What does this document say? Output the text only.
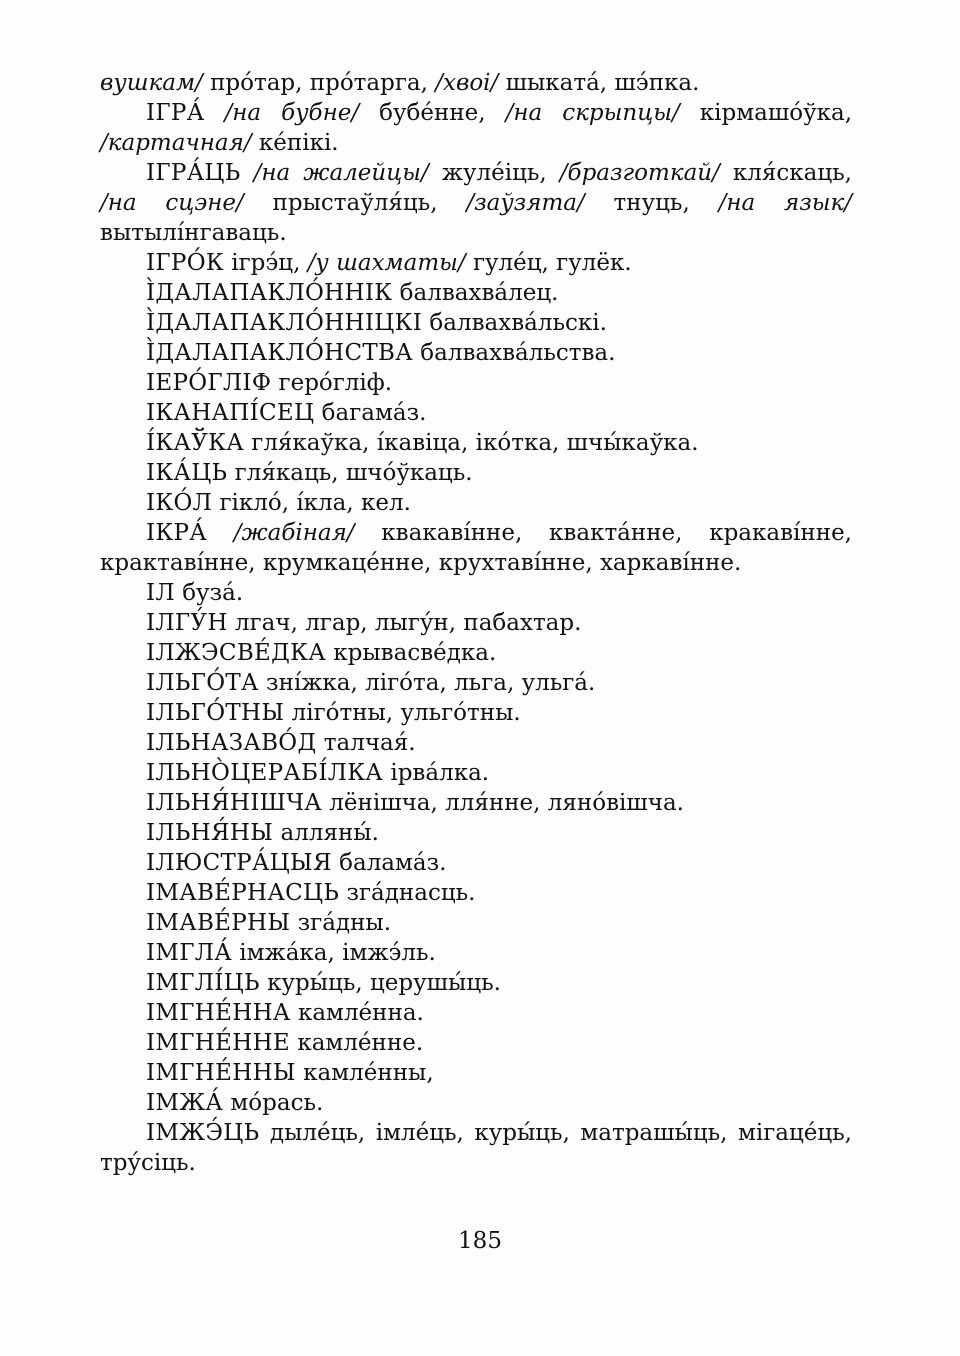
вушкам/ про́тар, про́тарга, /хвоі/ шыката́, шэ́пка.
ІГРА́ /на бубне/ бубе́нне, /на скрыпцы/ кірмашо́ўка,
/картачная/ ке́пікі.
ІГРА́ЦЬ /на жалейцы/ жуле́іць, /бразготкай/ кля́скаць,
/на сцэне/ прыстаўля́ць, /заўзята/ тнуць, /на язык/
вытылі́нгаваць.
ІГРО́К ігрэ́ц, /у шахматы/ гуле́ц, гулёк.
І̀ДАЛАПАКЛО́ННІК балвахва́лец.
І̀ДАЛАПАКЛО́ННІЦКІ балвахва́льскі.
І̀ДАЛАПАКЛО́НСТВА балвахва́льства.
ІЕРО́ГЛІФ геро́гліф.
ІКАНАПІ́СЕЦ багама́з.
І́КАЎКА гля́каўка, і́кавіца, іко́тка, шчы́каўка.
ІКА́ЦЬ гля́каць, шчо́ўкаць.
ІКО́Л гікло́, і́кла, кел.
ІКРА́ /жабіная/ квакаві́нне, квакта́нне, кракаві́нне,
крактаві́нне, крумкаце́нне, крухтаві́нне, харкаві́нне.
ІЛ буза́.
ІЛГУ́Н лгач, лгар, лыгу́н, пабахтар.
ІЛЖЭСВЕ́ДКА крывасве́дка.
ІЛЬГО́ТА зні́жка, ліго́та, льга, ульга́.
ІЛЬГО́ТНЫ ліго́тны, ульго́тны.
ІЛЬНАЗАВО́Д талчая́.
ІЛЬНО̀ЦЕРАБІ́ЛКА ірва́лка.
ІЛЬНЯ́НІШЧА лёнішча, лля́нне, ляно́вішча.
ІЛЬНЯ́НЫ алляны́.
ІЛЮСТРА́ЦЫЯ балама́з.
ІМАВЕ́РНАСЦЬ зга́днасць.
ІМАВЕ́РНЫ зга́дны.
ІМГЛА́ імжа́ка, імжэ́ль.
ІМГЛІ́ЦЬ куры́ць, церушы́ць.
ІМГНЕ́ННА камле́нна.
ІМГНЕ́ННЕ камле́нне.
ІМГНЕ́ННЫ камле́нны,
ІМЖА́ мо́рась.
ІМЖЭ́ЦЬ дыле́ць, імле́ць, куры́ць, матрашы́ць, мігаце́ць,
тру́сіць.
185
